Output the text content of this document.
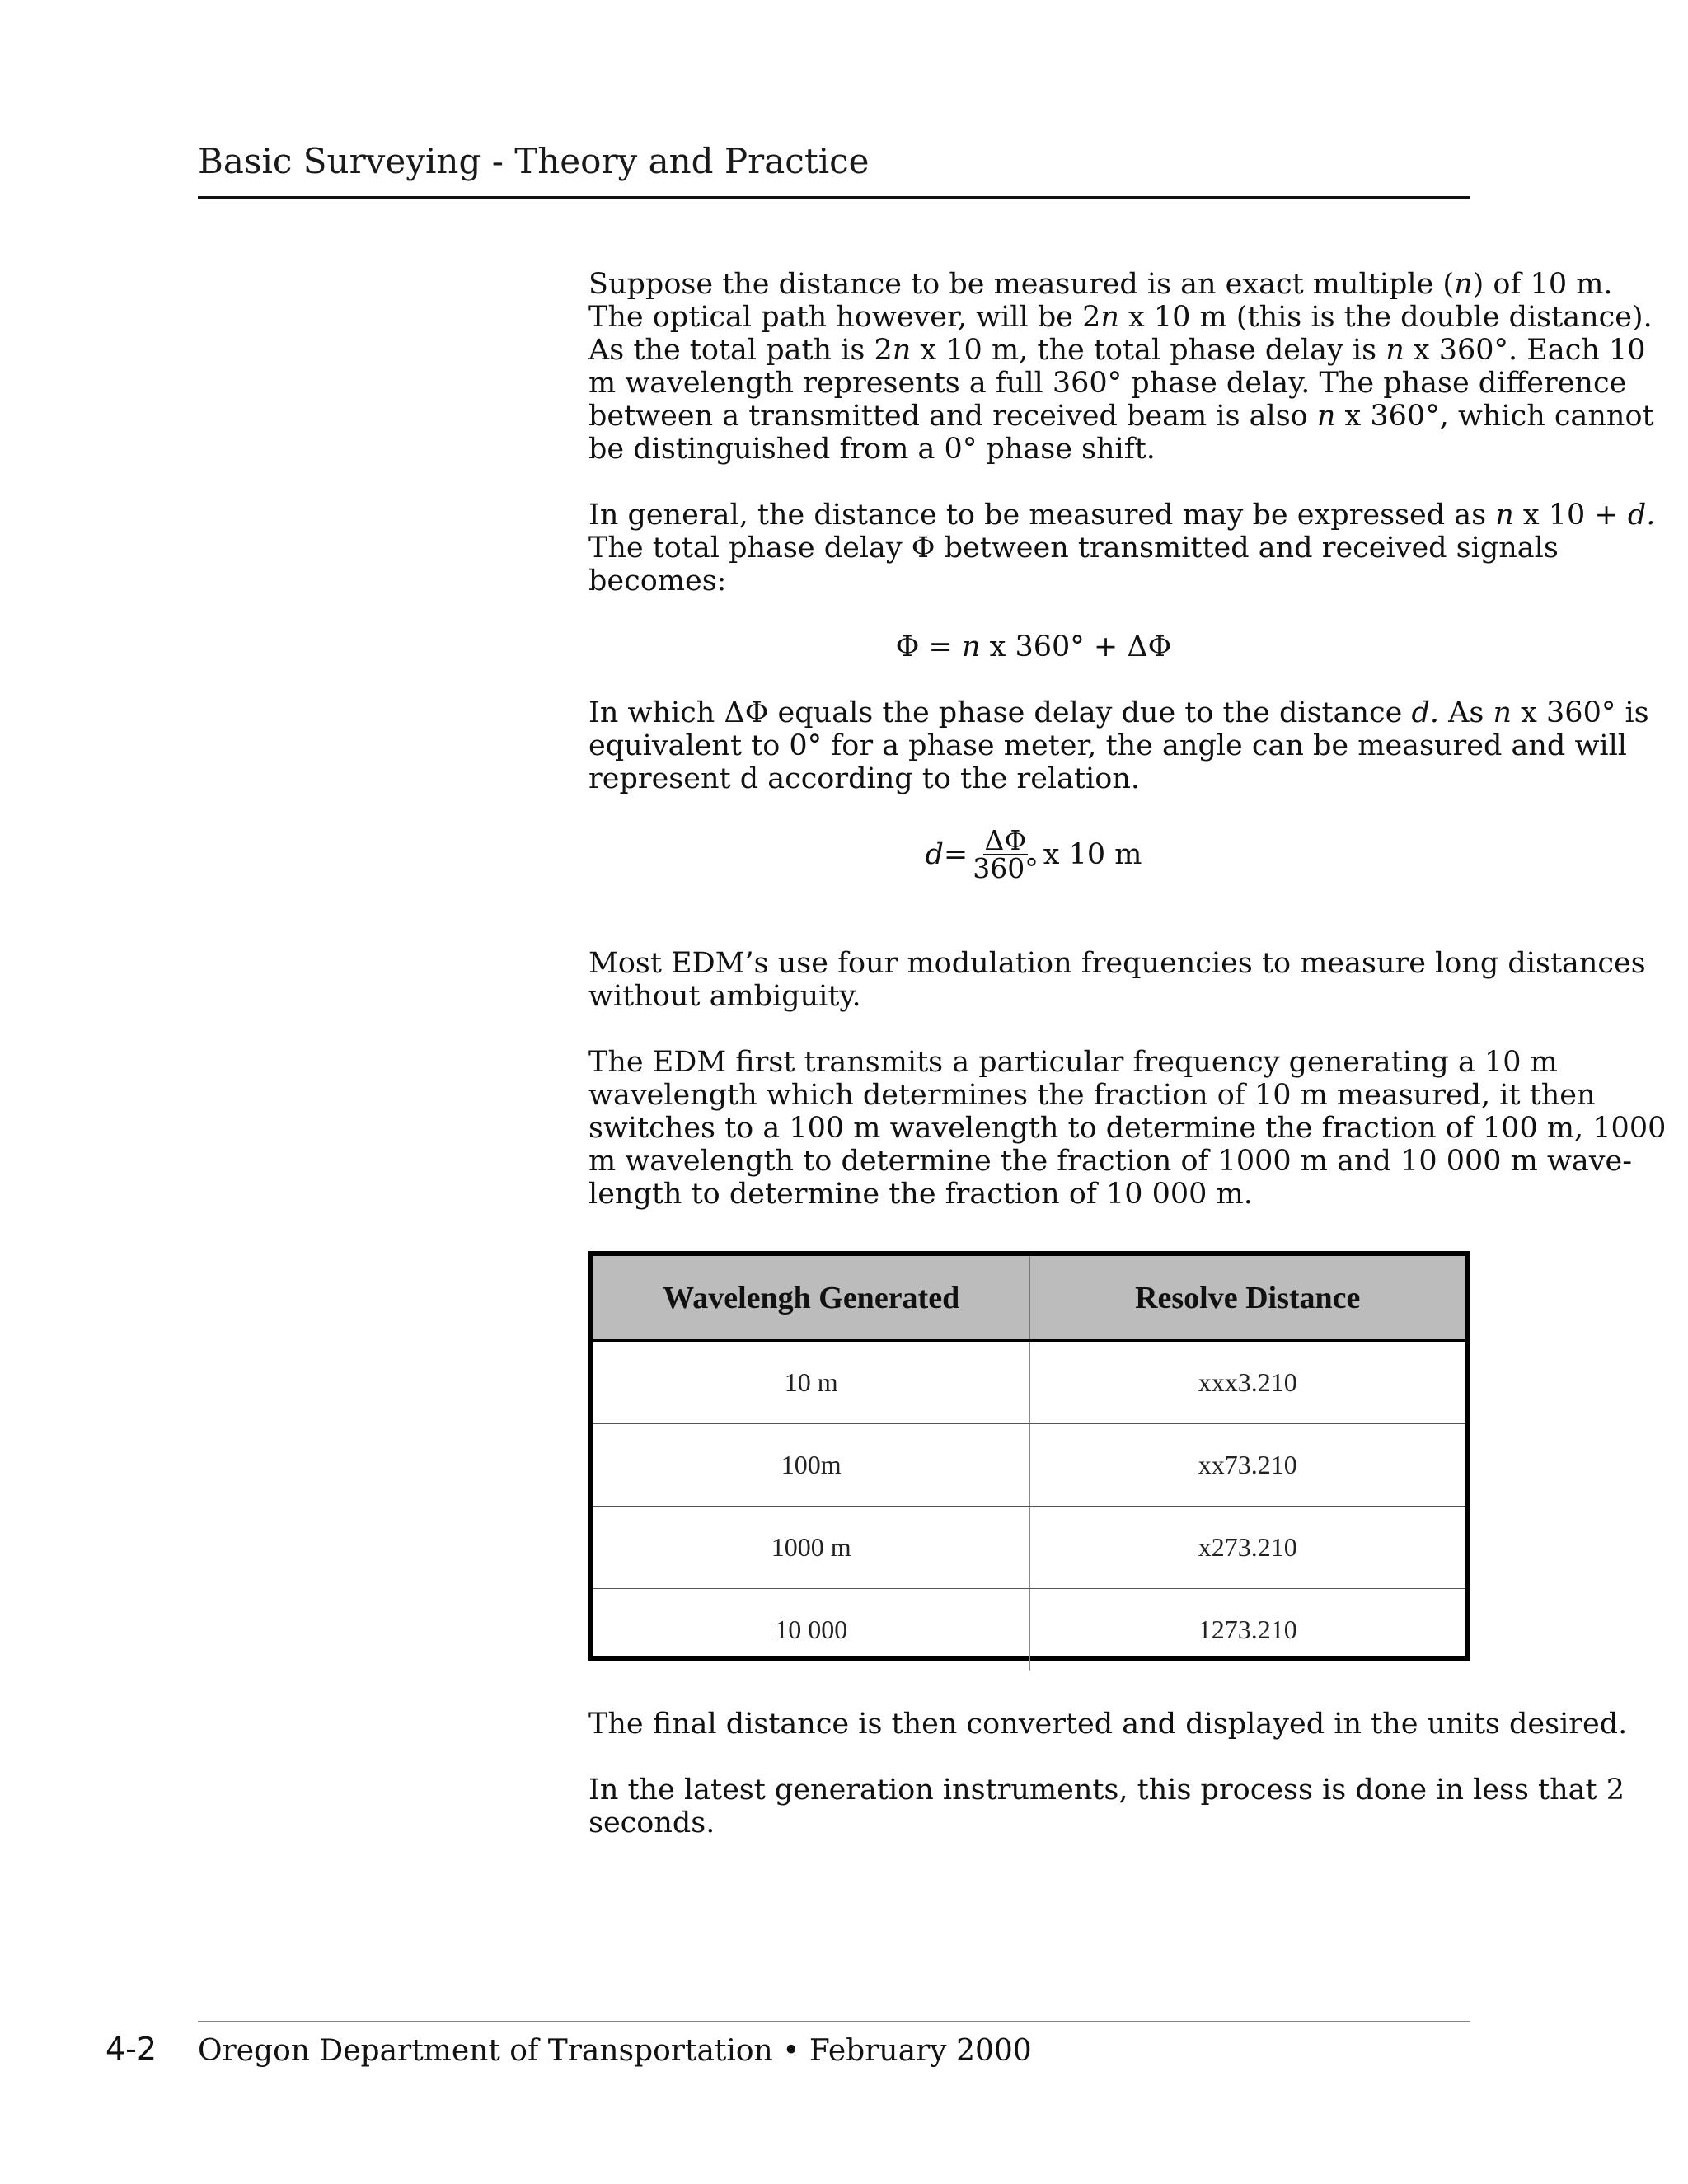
Basic Surveying - Theory and Practice
Suppose the distance to be measured is an exact multiple (n) of 10 m.
The optical path however, will be 2n x 10 m (this is the double distance).
As the total path is 2n x 10 m, the total phase delay is n x 360°. Each 10
m wavelength represents a full 360° phase delay. The phase difference
between a transmitted and received beam is also n x 360°, which cannot
be distinguished from a 0° phase shift.
In general, the distance to be measured may be expressed as n x 10 + d.
The total phase delay Φ between transmitted and received signals
becomes:
Φ = n x 360° + ΔΦ
In which ΔΦ equals the phase delay due to the distance d. As n x 360° is
equivalent to 0° for a phase meter, the angle can be measured and will
represent d according to the relation.
$d = \frac{\Delta\Phi}{360^\circ}$ x 10 m
Most EDM’s use four modulation frequencies to measure long distances
without ambiguity.
The EDM first transmits a particular frequency generating a 10 m
wavelength which determines the fraction of 10 m measured, it then
switches to a 100 m wavelength to determine the fraction of 100 m, 1000
m wavelength to determine the fraction of 1000 m and 10 000 m wave-
length to determine the fraction of 10 000 m.
Wavelengh Generated	Resolve Distance
10 m	xxx3.210
100m	xx73.210
1000 m	x273.210
10 000	1273.210
The final distance is then converted and displayed in the units desired.
In the latest generation instruments, this process is done in less that 2
seconds.
4-2 Oregon Department of Transportation • February 2000
